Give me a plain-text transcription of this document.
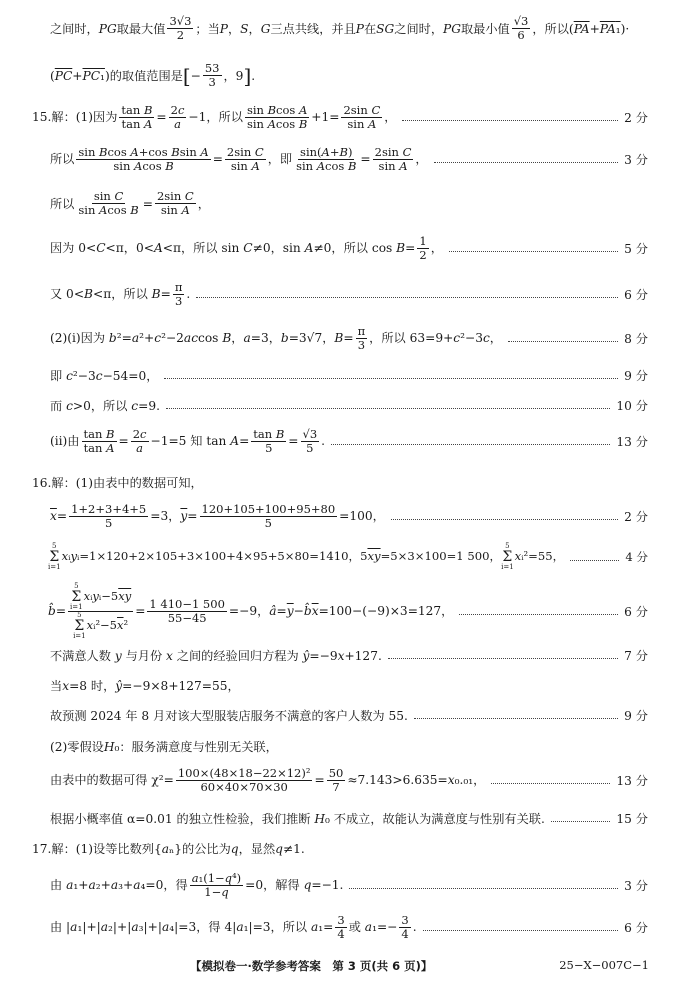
之间时， PG 取最大值 $\frac{3√3}{2}$ ；当 P ， S ， G 三点共线，并且 P 在 SG 之间时， PG 取最小值 $\frac{√3}{6}$ ，所以( $\overline{PA} + PA_1$ )·
( $\overline{PC} + PC_1$ )的取值范围是 [ − $\frac{53}{3}$ ，9 ] .
15.解：(1)因为 $\frac{\text{tan B}}{\text{tan A}} = \frac{2c}{a} -1$，所以 $\frac{\text{sin Bcos A}}{\text{sin Acos B}} +1= \frac{\text{2sin C}}{\text{sin A}}$ ，	2 分
所以 $\frac{\text{sin Bcos A+cos Bsin A}}{\text{sin Acos B}} = \frac{\text{2sin C}}{\text{sin A}}$ ，即 $\frac{\sin(A+B)}{\text{sin Acos B}} = \frac{\text{2sin C}}{\text{sin A}}$ ，	3 分
所以 $\frac{\text{sin C}}{\text{sin Acos B}} = \frac{\text{2sin C}}{\text{sin A}}$ ，
因为 0<C<π，0<A<π，所以 sin C≠0，sin A≠0，所以 $\cos B= \frac{1}{2}$ ，	5 分
又 0<B<π，所以 $B= \frac{\pi}{3}$ .	6 分
(2)(ⅰ)因为 b²=a²+c²−2accos B，a=3，b=3√7，$B= \frac{\pi}{3}$ ，所以 63=9+c²−3c，	8 分
即 c²−3c−54=0，	9 分
而 c>0，所以 c=9.	10 分
(ⅱ)由 $\frac{\text{tan B}}{\text{tan A}} = \frac{2c}{a} -1=5$ 知 $\tan A= \frac{\text{tan B}}{5} = \frac{√3}{5}$ .	13 分
16.解：(1)由表中的数据可知，
$\overline{x}= \frac{1+2+3+4+5}{5} =3$，$\overline{y}= \frac{120+105+100+95+80}{5} =100$，	2 分
5
Σ
i=1
xᵢyᵢ=1×120+2×105+3×100+4×95+5×80=1410，$5\overline{xy}=5\times 3\times 100=1$ 500，
5
Σ
i=1
xᵢ²=55，	4 分
b̂= 5
Σ
i=1
$xᵢyᵢ-5\overline{xy}$
5
Σ
i=1
$xᵢ^2-5\overline{x}^2 = \frac{1 410-1 500}{55-45} =-9$，$â=\overline{y}-b̂\overline{x}=100-(-9)\times 3=127$，	6 分
不满意人数 y 与月份 x 之间的经验回归方程为 ŷ=−9x+127.	7 分
当 x =8 时， ŷ =−9×8+127=55，
故预测 2024 年 8 月对该大型服装店服务不满意的客户人数为 55.	9 分
(2)零假设 H ₀：服务满意度与性别无关联，
由表中的数据可得 $\chi^2= \frac{\text{100×(48×18−22×12)²}}{60\times 40\times 70\times 30} = \frac{50}{7} \approx 7.143>6.635=x_0._{01}$，	13 分
根据小概率值 α=0.01 的独立性检验，我们推断 H₀ 不成立，故能认为满意度与性别有关联.	15 分
17.解：(1)设等比数列{ a ₙ}的公比为 q ，显然 q ≠1.
由 a₁+a₂+a₃+a₄=0，得 $\frac{\text{a₁(1−q⁴)}}{1-q} =0$，解得 q=−1.	3 分
由 |a₁|+|a₂|+|a₃|+|a₄|=3，得 4|a₁|=3，所以 $a_1= \frac{3}{4}$ 或 $a_1=- \frac{3}{4}$ .	6 分
【模拟卷一·数学参考答案　第 3 页(共 6 页)】	25−X−007C−1
